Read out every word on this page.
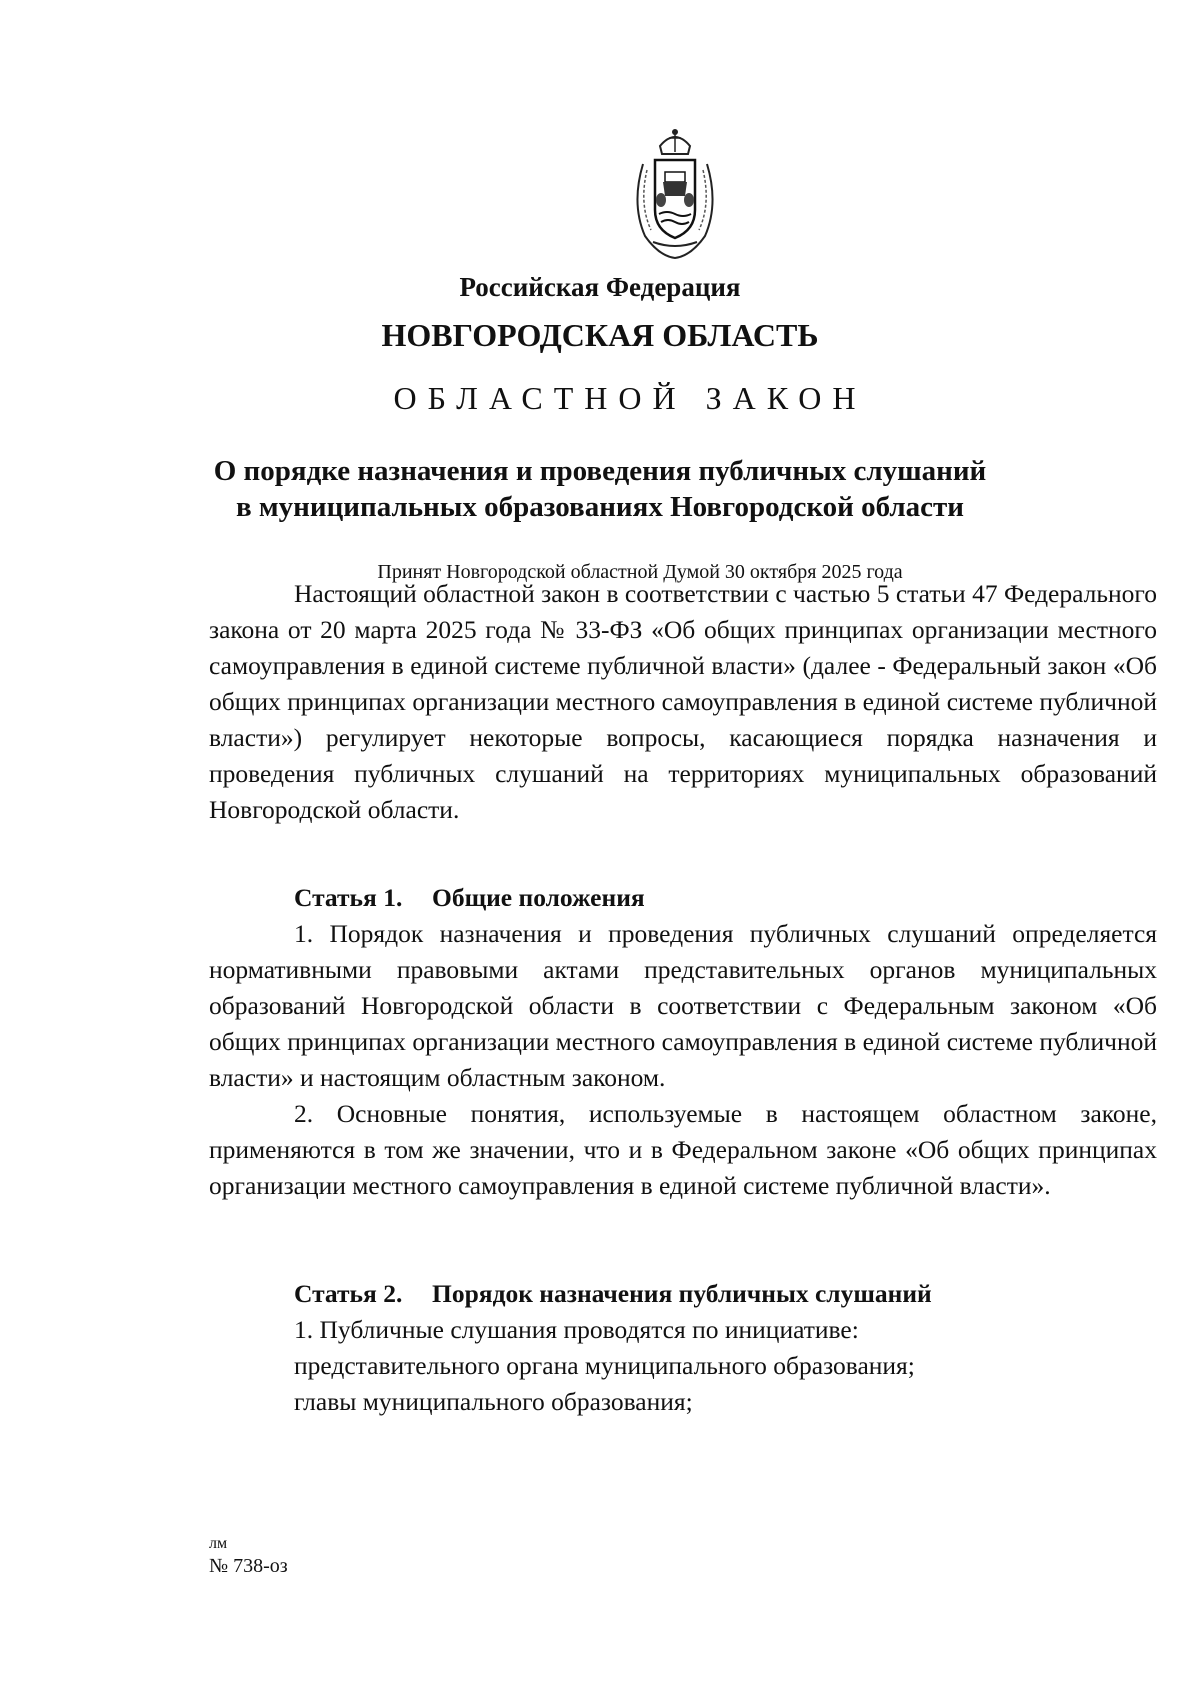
Российская Федерация
НОВГОРОДСКАЯ ОБЛАСТЬ
ОБЛАСТНОЙ ЗАКОН
О порядке назначения и проведения публичных слушаний
в муниципальных образованиях Новгородской области
Принят Новгородской областной Думой 30 октября 2025 года

Настоящий областной закон в соответствии с частью 5 статьи 47 Федерального закона от 20 марта 2025 года № 33-ФЗ «Об общих принципах организации местного самоуправления в единой системе публичной власти» (далее - Федеральный закон «Об общих принципах организации местного самоуправления в единой системе публичной власти») регулирует некоторые вопросы, касающиеся порядка назначения и проведения публичных слушаний на территориях муниципальных образований Новгородской области.

Статья 1. Общие положения

1. Порядок назначения и проведения публичных слушаний определяется нормативными правовыми актами представительных органов муниципальных образований Новгородской области в соответствии с Федеральным законом «Об общих принципах организации местного самоуправления в единой системе публичной власти» и настоящим областным законом.

2. Основные понятия, используемые в настоящем областном законе, применяются в том же значении, что и в Федеральном законе «Об общих принципах организации местного самоуправления в единой системе публичной власти».

Статья 2. Порядок назначения публичных слушаний

1. Публичные слушания проводятся по инициативе:

представительного органа муниципального образования;

главы муниципального образования;

лм
№ 738-оз
